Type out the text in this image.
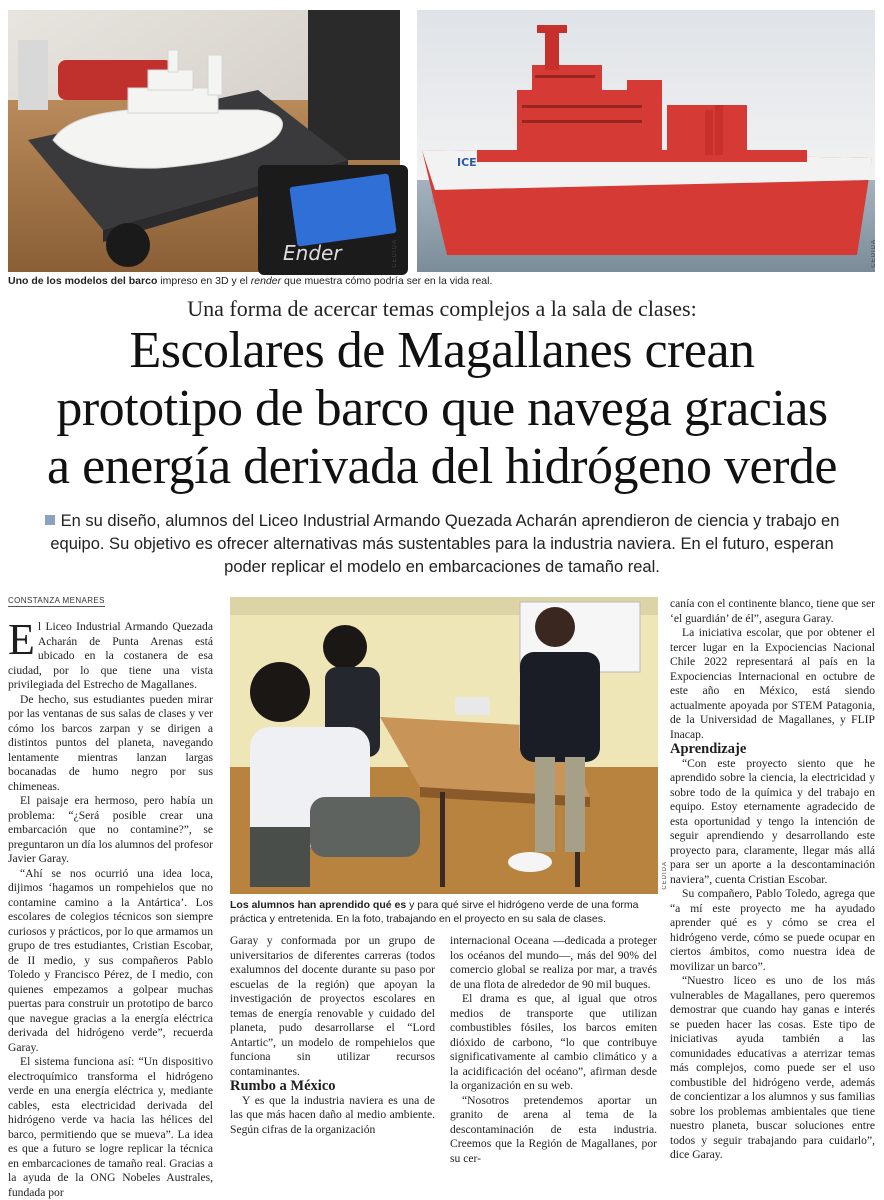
Ender	CEDIDA
ICE
CEDIDA
Uno de los modelos del barco impreso en 3D y el render que muestra cómo podría ser en la vida real.
Una forma de acercar temas complejos a la sala de clases:
Escolares de Magallanes crean
prototipo de barco que navega gracias
a energía derivada del hidrógeno verde
En su diseño, alumnos del Liceo Industrial Armando Quezada Acharán aprendieron de ciencia y trabajo en
equipo. Su objetivo es ofrecer alternativas más sustentables para la industria naviera. En el futuro, esperan
poder replicar el modelo en embarcaciones de tamaño real.
CONSTANZA MENARES

El Liceo Industrial Armando Quezada Acharán de Punta Arenas está ubicado en la costanera de esa ciudad, por lo que tiene una vista privilegiada del Estrecho de Magallanes.

De hecho, sus estudiantes pueden mirar por las ventanas de sus salas de clases y ver cómo los barcos zarpan y se dirigen a distintos puntos del planeta, navegando lentamente mientras lanzan largas bocanadas de humo negro por sus chimeneas.

El paisaje era hermoso, pero había un problema: “¿Será posible crear una embarcación que no contamine?”, se preguntaron un día los alumnos del profesor Javier Garay.

“Ahí se nos ocurrió una idea loca, dijimos ‘hagamos un rompehielos que no contamine camino a la Antártica’. Los escolares de colegios técnicos son siempre curiosos y prácticos, por lo que armamos un grupo de tres estudiantes, Cristian Escobar, de II medio, y sus compañeros Pablo Toledo y Francisco Pérez, de I medio, con quienes empezamos a golpear muchas puertas para construir un prototipo de barco que navegue gracias a la energía eléctrica derivada del hidrógeno verde”, recuerda Garay.

El sistema funciona así: “Un dispositivo electroquímico transforma el hidrógeno verde en una energía eléctrica y, mediante cables, esta electricidad derivada del hidrógeno verde va hacia las hélices del barco, permitiendo que se mueva”. La idea es que a futuro se logre replicar la técnica en embarcaciones de tamaño real. Gracias a la ayuda de la ONG Nobeles Australes, fundada por

CEDIDA
Los alumnos han aprendido qué es y para qué sirve el hidrógeno verde de una forma práctica y entretenida. En la foto, trabajando en el proyecto en su sala de clases.

Garay y conformada por un grupo de universitarios de diferentes carreras (todos exalumnos del docente durante su paso por escuelas de la región) que apoyan la investigación de proyectos escolares en temas de energía renovable y cuidado del planeta, pudo desarrollarse el “Lord Antartic”, un modelo de rompehielos que funciona sin utilizar recursos contaminantes.

Rumbo a México

Y es que la industria naviera es una de las que más hacen daño al medio ambiente. Según cifras de la organización

internacional Oceana —dedicada a proteger los océanos del mundo—, más del 90% del comercio global se realiza por mar, a través de una flota de alrededor de 90 mil buques.

El drama es que, al igual que otros medios de transporte que utilizan combustibles fósiles, los barcos emiten dióxido de carbono, “lo que contribuye significativamente al cambio climático y a la acidificación del océano”, afirman desde la organización en su web.

“Nosotros pretendemos aportar un granito de arena al tema de la descontaminación de esta industria. Creemos que la Región de Magallanes, por su cer-

canía con el continente blanco, tiene que ser ‘el guardián’ de él”, asegura Garay.

La iniciativa escolar, que por obtener el tercer lugar en la Expociencias Nacional Chile 2022 representará al país en la Expociencias Internacional en octubre de este año en México, está siendo actualmente apoyada por STEM Patagonia, de la Universidad de Magallanes, y FLIP Inacap.

Aprendizaje

“Con este proyecto siento que he aprendido sobre la ciencia, la electricidad y sobre todo de la química y del trabajo en equipo. Estoy eternamente agradecido de esta oportunidad y tengo la intención de seguir aprendiendo y desarrollando este proyecto para, claramente, llegar más allá para ser un aporte a la descontaminación naviera”, cuenta Cristian Escobar.

Su compañero, Pablo Toledo, agrega que “a mí este proyecto me ha ayudado aprender qué es y cómo se crea el hidrógeno verde, cómo se puede ocupar en ciertos ámbitos, como nuestra idea de movilizar un barco”.

“Nuestro liceo es uno de los más vulnerables de Magallanes, pero queremos demostrar que cuando hay ganas e interés se pueden hacer las cosas. Este tipo de iniciativas ayuda también a las comunidades educativas a aterrizar temas más complejos, como puede ser el uso combustible del hidrógeno verde, además de concientizar a los alumnos y sus familias sobre los problemas ambientales que tiene nuestro planeta, buscar soluciones entre todos y seguir trabajando para cuidarlo”, dice Garay.
